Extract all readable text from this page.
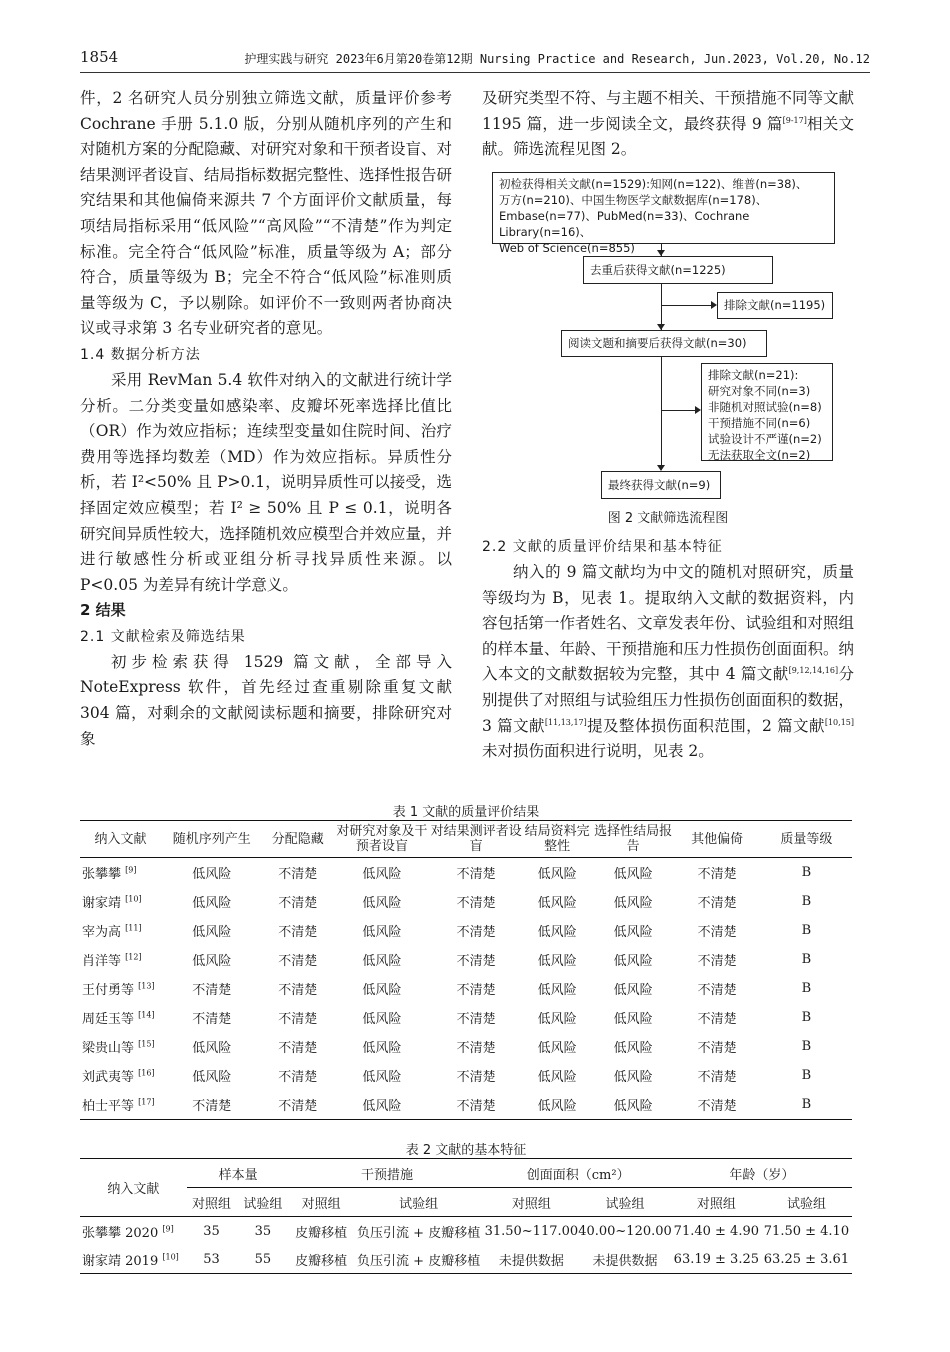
1854	护理实践与研究 2023年6月第20卷第12期 Nursing Practice and Research, Jun.2023, Vol.20, No.12

件，2 名研究人员分别独立筛选文献，质量评价参考 Cochrane 手册 5.1.0 版，分别从随机序列的产生和对随机方案的分配隐藏、对研究对象和干预者设盲、对结果测评者设盲、结局指标数据完整性、选择性报告研究结果和其他偏倚来源共 7 个方面评价文献质量，每项结局指标采用“低风险”“高风险”“不清楚”作为判定标准。完全符合“低风险”标准，质量等级为 A；部分符合，质量等级为 B；完全不符合“低风险”标准则质量等级为 C，予以剔除。如评价不一致则两者协商决议或寻求第 3 名专业研究者的意见。

1.4 数据分析方法

采用 RevMan 5.4 软件对纳入的文献进行统计学分析。二分类变量如感染率、皮瓣坏死率选择比值比（OR）作为效应指标；连续型变量如住院时间、治疗费用等选择均数差（MD）作为效应指标。异质性分析，若 I²<50% 且 P>0.1，说明异质性可以接受，选择固定效应模型；若 I² ≥ 50% 且 P ≤ 0.1，说明各研究间异质性较大，选择随机效应模型合并效应量，并进行敏感性分析或亚组分析寻找异质性来源。以 P<0.05 为差异有统计学意义。

2 结果

2.1 文献检索及筛选结果

初步检索获得 1529 篇文献，全部导入 NoteExpress 软件，首先经过查重剔除重复文献 304 篇，对剩余的文献阅读标题和摘要，排除研究对象

及研究类型不符、与主题不相关、干预措施不同等文献 1195 篇，进一步阅读全文，最终获得 9 篇[9-17]相关文献。筛选流程见图 2。

初检获得相关文献(n=1529):知网(n=122)、维普(n=38)、
万方(n=210)、中国生物医学文献数据库(n=178)、
Embase(n=77)、PubMed(n=33)、Cochrane Library(n=16)、
Web of Science(n=855)
去重后获得文献(n=1225)
排除文献(n=1195)
阅读文题和摘要后获得文献(n=30)
排除文献(n=21):
研究对象不同(n=3)
非随机对照试验(n=8)
干预措施不同(n=6)
试验设计不严谨(n=2)
无法获取全文(n=2)
最终获得文献(n=9)
图 2 文献筛选流程图

2.2 文献的质量评价结果和基本特征

纳入的 9 篇文献均为中文的随机对照研究，质量等级均为 B，见表 1。提取纳入文献的数据资料，内容包括第一作者姓名、文章发表年份、试验组和对照组的样本量、年龄、干预措施和压力性损伤创面面积。纳入本文的文献数据较为完整，其中 4 篇文献[9,12,14,16]分别提供了对照组与试验组压力性损伤创面面积的数据，3 篇文献[11,13,17]提及整体损伤面积范围，2 篇文献[10,15]未对损伤面积进行说明，见表 2。

表 1 文献的质量评价结果
纳入文献	随机序列产生	分配隐藏	对研究对象及干预者设盲	对结果测评者设盲	结局资料完整性	选择性结局报告	其他偏倚	质量等级
张攀攀 [9]	低风险	不清楚	低风险	不清楚	低风险	低风险	不清楚	B
谢家靖 [10]	低风险	不清楚	低风险	不清楚	低风险	低风险	不清楚	B
宰为高 [11]	低风险	不清楚	低风险	不清楚	低风险	低风险	不清楚	B
肖洋等 [12]	低风险	不清楚	低风险	不清楚	低风险	低风险	不清楚	B
王付勇等 [13]	不清楚	不清楚	低风险	不清楚	低风险	低风险	不清楚	B
周廷玉等 [14]	不清楚	不清楚	低风险	不清楚	低风险	低风险	不清楚	B
梁贵山等 [15]	低风险	不清楚	低风险	不清楚	低风险	低风险	不清楚	B
刘武夷等 [16]	低风险	不清楚	低风险	不清楚	低风险	低风险	不清楚	B
柏士平等 [17]	不清楚	不清楚	低风险	不清楚	低风险	低风险	不清楚	B
表 2 文献的基本特征
纳入文献	样本量		干预措施		创面面积（cm²）		年龄（岁）	
	对照组	试验组	对照组	试验组	对照组	试验组	对照组	试验组
张攀攀 2020 [9]	35	35	皮瓣移植	负压引流 + 皮瓣移植	31.50~117.00	40.00~120.00	71.40 ± 4.90	71.50 ± 4.10
谢家靖 2019 [10]	53	55	皮瓣移植	负压引流 + 皮瓣移植	未提供数据	未提供数据	63.19 ± 3.25	63.25 ± 3.61
